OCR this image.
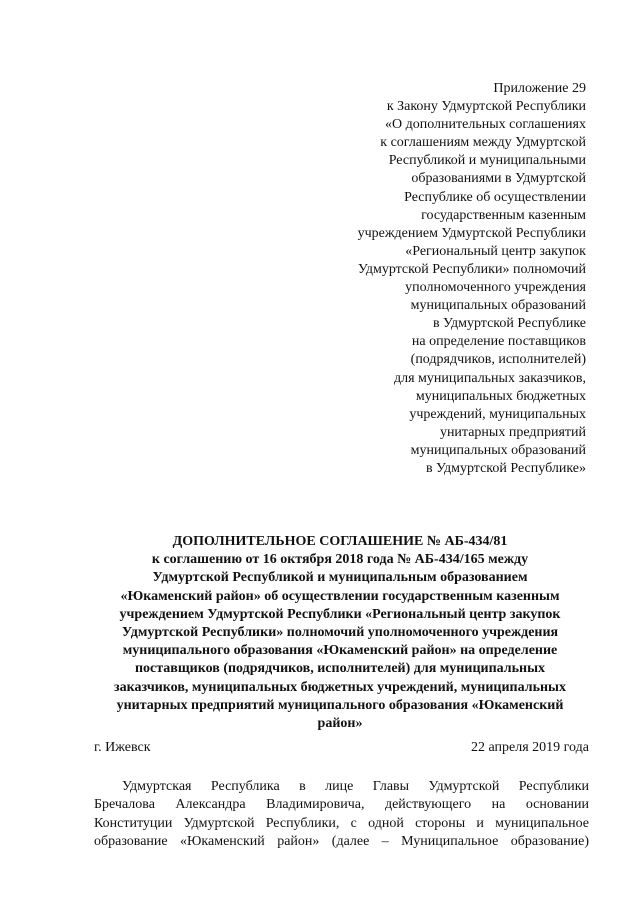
Приложение 29
к Закону Удмуртской Республики
«О дополнительных соглашениях
к соглашениям между Удмуртской
Республикой и муниципальными
образованиями в Удмуртской
Республике об осуществлении
государственным казенным
учреждением Удмуртской Республики
«Региональный центр закупок
Удмуртской Республики» полномочий
уполномоченного учреждения
муниципальных образований
в Удмуртской Республике
на определение поставщиков
(подрядчиков, исполнителей)
для муниципальных заказчиков,
муниципальных бюджетных
учреждений, муниципальных
унитарных предприятий
муниципальных образований
в Удмуртской Республике»
ДОПОЛНИТЕЛЬНОЕ СОГЛАШЕНИЕ № АБ-434/81
к соглашению от 16 октября 2018 года № АБ-434/165 между
Удмуртской Республикой и муниципальным образованием
«Юкаменский район» об осуществлении государственным казенным
учреждением Удмуртской Республики «Региональный центр закупок
Удмуртской Республики» полномочий уполномоченного учреждения
муниципального образования «Юкаменский район» на определение
поставщиков (подрядчиков, исполнителей) для муниципальных
заказчиков, муниципальных бюджетных учреждений, муниципальных
унитарных предприятий муниципального образования «Юкаменский
район»
г. Ижевск	22 апреля 2019 года
Удмуртская Республика в лице Главы Удмуртской Республики
Бречалова Александра Владимировича, действующего на основании
Конституции Удмуртской Республики, с одной стороны и муниципальное
образование «Юкаменский район» (далее – Муниципальное образование)
